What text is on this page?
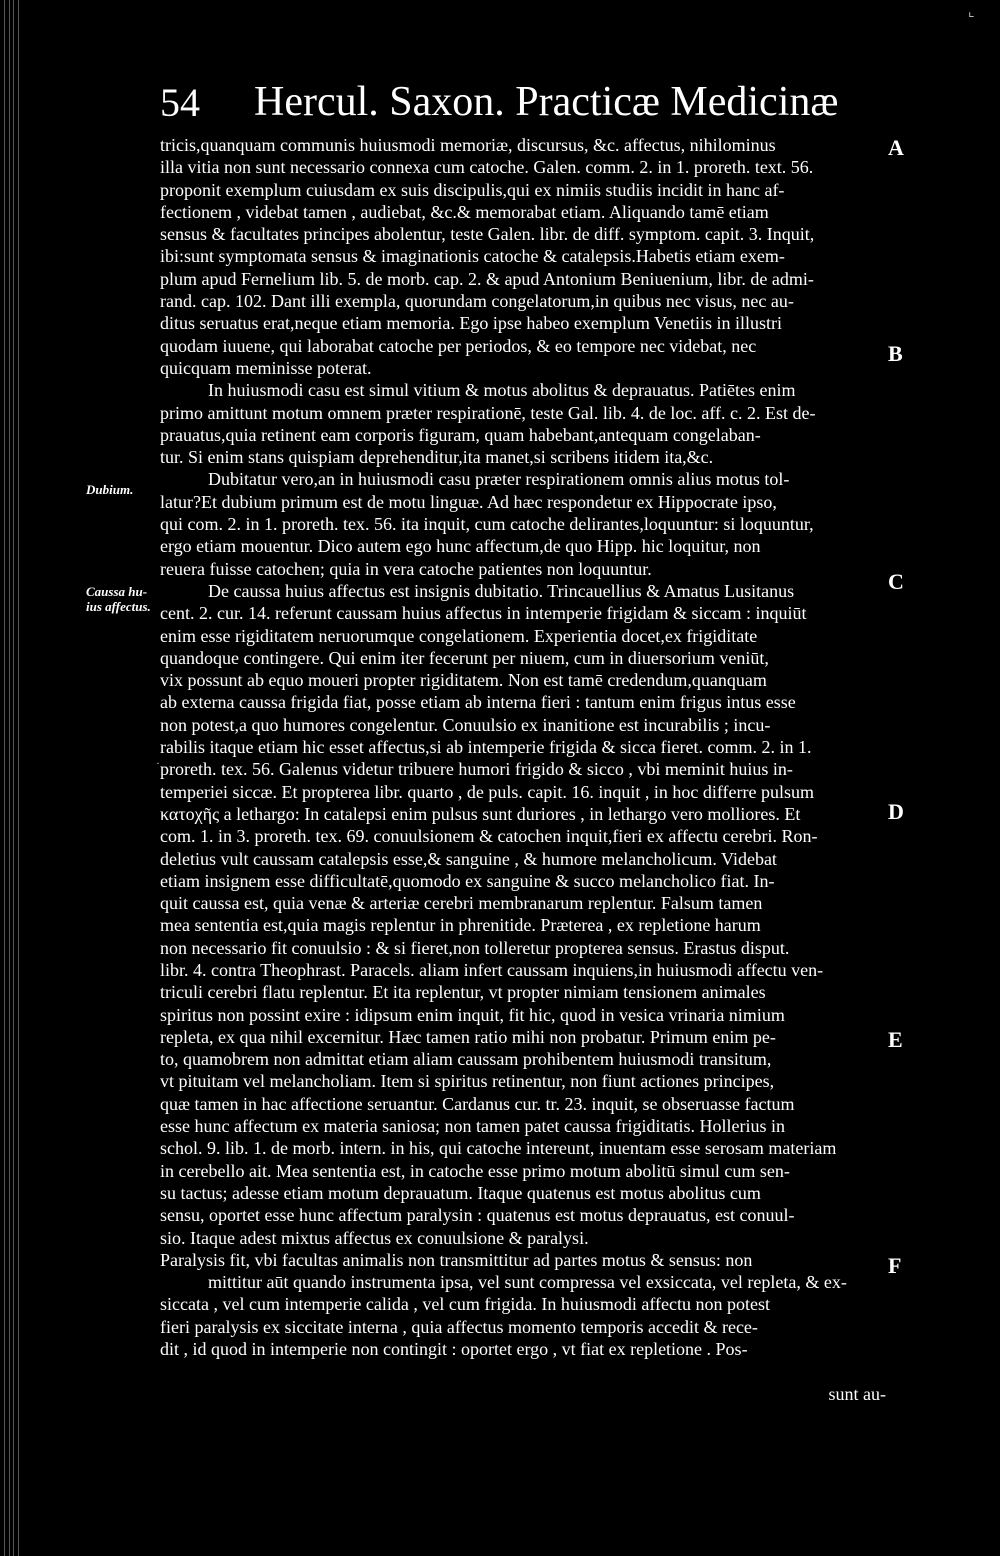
⌞
54 Hercul. Saxon. Practicæ Medicinæ
Dubium.
Caussa hu-
ius affectus.
A
B
C
D
E
F
·
tricis,quanquam communis huiusmodi memoriæ, discursus, &c. affectus, nihilominus
illa vitia non sunt necessario connexa cum catoche. Galen. comm. 2. in 1. proreth. text. 56.
proponit exemplum cuiusdam ex suis discipulis,qui ex nimiis studiis incidit in hanc af-
fectionem , videbat tamen , audiebat, &c.& memorabat etiam. Aliquando tamē etiam
sensus & facultates principes abolentur, teste Galen. libr. de diff. symptom. capit. 3. Inquit,
ibi:sunt symptomata sensus & imaginationis catoche & catalepsis.Habetis etiam exem-
plum apud Fernelium lib. 5. de morb. cap. 2. & apud Antonium Beniuenium, libr. de admi-
rand. cap. 102. Dant illi exempla, quorundam congelatorum,in quibus nec visus, nec au-
ditus seruatus erat,neque etiam memoria. Ego ipse habeo exemplum Venetiis in illustri
quodam iuuene, qui laborabat catoche per periodos, & eo tempore nec videbat, nec
quicquam meminisse poterat.
In huiusmodi casu est simul vitium & motus abolitus & deprauatus. Patiētes enim
primo amittunt motum omnem præter respirationē, teste Gal. lib. 4. de loc. aff. c. 2. Est de-
prauatus,quia retinent eam corporis figuram, quam habebant,antequam congelaban-
tur. Si enim stans quispiam deprehenditur,ita manet,si scribens itidem ita,&c.
Dubitatur vero,an in huiusmodi casu præter respirationem omnis alius motus tol-
latur?Et dubium primum est de motu linguæ. Ad hæc respondetur ex Hippocrate ipso,
qui com. 2. in 1. proreth. tex. 56. ita inquit, cum catoche delirantes,loquuntur: si loquuntur,
ergo etiam mouentur. Dico autem ego hunc affectum,de quo Hipp. hic loquitur, non
reuera fuisse catochen; quia in vera catoche patientes non loquuntur.
De caussa huius affectus est insignis dubitatio. Trincauellius & Amatus Lusitanus
cent. 2. cur. 14. referunt caussam huius affectus in intemperie frigidam & siccam : inquiūt
enim esse rigiditatem neruorumque congelationem. Experientia docet,ex frigiditate
quandoque contingere. Qui enim iter fecerunt per niuem, cum in diuersorium veniūt,
vix possunt ab equo moueri propter rigiditatem. Non est tamē credendum,quanquam
ab externa caussa frigida fiat, posse etiam ab interna fieri : tantum enim frigus intus esse
non potest,a quo humores congelentur. Conuulsio ex inanitione est incurabilis ; incu-
rabilis itaque etiam hic esset affectus,si ab intemperie frigida & sicca fieret. comm. 2. in 1.
proreth. tex. 56. Galenus videtur tribuere humori frigido & sicco , vbi meminit huius in-
temperiei siccæ. Et propterea libr. quarto , de puls. capit. 16. inquit , in hoc differre pulsum
κατοχῆς a lethargo: In catalepsi enim pulsus sunt duriores , in lethargo vero molliores. Et
com. 1. in 3. proreth. tex. 69. conuulsionem & catochen inquit,fieri ex affectu cerebri. Ron-
deletius vult caussam catalepsis esse,& sanguine , & humore melancholicum. Videbat
etiam insignem esse difficultatē,quomodo ex sanguine & succo melancholico fiat. In-
quit caussa est, quia venæ & arteriæ cerebri membranarum replentur. Falsum tamen
mea sententia est,quia magis replentur in phrenitide. Præterea , ex repletione harum
non necessario fit conuulsio : & si fieret,non tolleretur propterea sensus. Erastus disput.
libr. 4. contra Theophrast. Paracels. aliam infert caussam inquiens,in huiusmodi affectu ven-
triculi cerebri flatu replentur. Et ita replentur, vt propter nimiam tensionem animales
spiritus non possint exire : idipsum enim inquit, fit hic, quod in vesica vrinaria nimium
repleta, ex qua nihil excernitur. Hæc tamen ratio mihi non probatur. Primum enim pe-
to, quamobrem non admittat etiam aliam caussam prohibentem huiusmodi transitum,
vt pituitam vel melancholiam. Item si spiritus retinentur, non fiunt actiones principes,
quæ tamen in hac affectione seruantur. Cardanus cur. tr. 23. inquit, se obseruasse factum
esse hunc affectum ex materia saniosa; non tamen patet caussa frigiditatis. Hollerius in
schol. 9. lib. 1. de morb. intern. in his, qui catoche intereunt, inuentam esse serosam materiam
in cerebello ait. Mea sententia est, in catoche esse primo motum abolitū simul cum sen-
su tactus; adesse etiam motum deprauatum. Itaque quatenus est motus abolitus cum
sensu, oportet esse hunc affectum paralysin : quatenus est motus deprauatus, est conuul-
sio. Itaque adest mixtus affectus ex conuulsione & paralysi.
Paralysis fit, vbi facultas animalis non transmittitur ad partes motus & sensus: non
mittitur aūt quando instrumenta ipsa, vel sunt compressa vel exsiccata, vel repleta, & ex-
siccata , vel cum intemperie calida , vel cum frigida. In huiusmodi affectu non potest
fieri paralysis ex siccitate interna , quia affectus momento temporis accedit & rece-
dit , id quod in intemperie non contingit : oportet ergo , vt fiat ex repletione . Pos-
sunt au-
